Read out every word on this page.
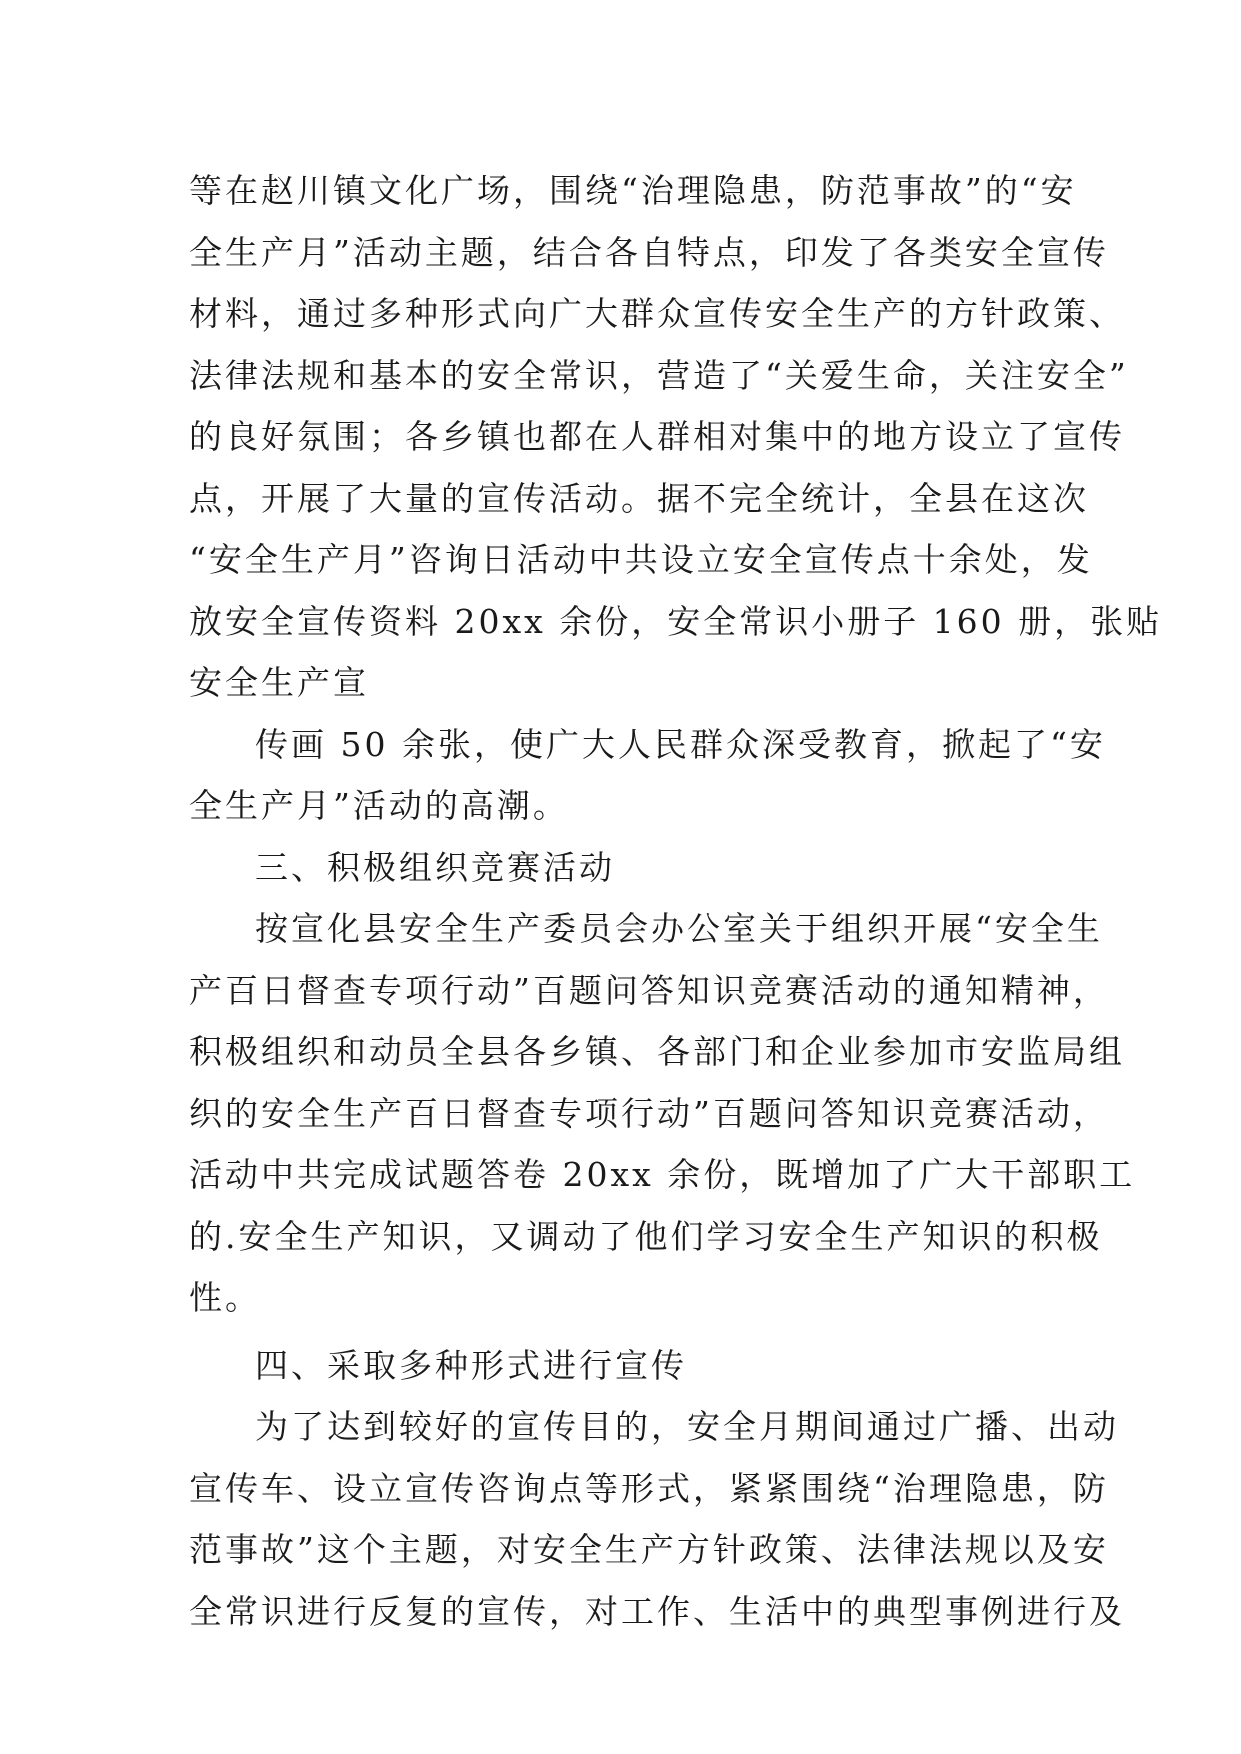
等在赵川镇文化广场，围绕“治理隐患，防范事故”的“安

全生产月”活动主题，结合各自特点，印发了各类安全宣传

材料，通过多种形式向广大群众宣传安全生产的方针政策、

法律法规和基本的安全常识，营造了“关爱生命，关注安全”

的良好氛围；各乡镇也都在人群相对集中的地方设立了宣传

点，开展了大量的宣传活动。据不完全统计，全县在这次

“安全生产月”咨询日活动中共设立安全宣传点十余处，发

放安全宣传资料 20xx 余份，安全常识小册子 160 册，张贴

安全生产宣

传画 50 余张，使广大人民群众深受教育，掀起了“安

全生产月”活动的高潮。

三、积极组织竞赛活动

按宣化县安全生产委员会办公室关于组织开展“安全生

产百日督查专项行动”百题问答知识竞赛活动的通知精神，

积极组织和动员全县各乡镇、各部门和企业参加市安监局组

织的安全生产百日督查专项行动”百题问答知识竞赛活动，

活动中共完成试题答卷 20xx 余份，既增加了广大干部职工

的.安全生产知识，又调动了他们学习安全生产知识的积极

性。

四、采取多种形式进行宣传

为了达到较好的宣传目的，安全月期间通过广播、出动

宣传车、设立宣传咨询点等形式，紧紧围绕“治理隐患，防

范事故”这个主题，对安全生产方针政策、法律法规以及安

全常识进行反复的宣传，对工作、生活中的典型事例进行及
